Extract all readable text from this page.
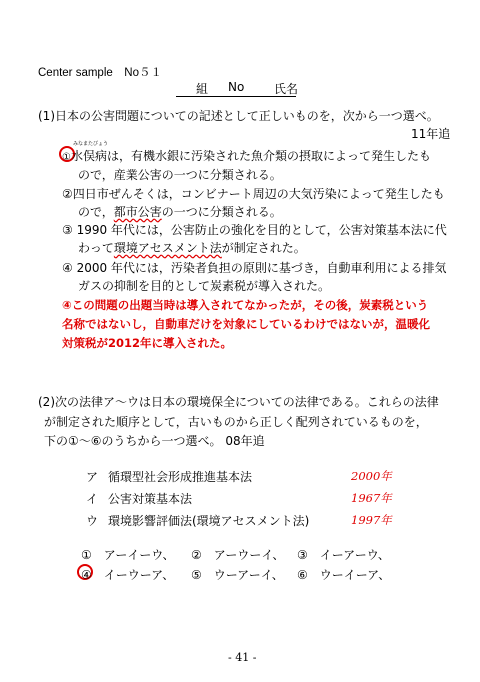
Center sample　No５１
組 No 氏名
(1)日本の公害問題についての記述として正しいものを，次から一つ選べ。
11年追
みなまたびょう
①水俣病は，有機水銀に汚染された魚介類の摂取によって発生したも
ので，産業公害の一つに分類される。
②四日市ぜんそくは，コンビナート周辺の大気汚染によって発生したも
ので，都市公害の一つに分類される。
③ 1990 年代には，公害防止の強化を目的として，公害対策基本法に代
わって環境アセスメント法が制定された。
④ 2000 年代には，汚染者負担の原則に基づき，自動車利用による排気
ガスの抑制を目的として炭素税が導入された。
④この問題の出題当時は導入されてなかったが，その後，炭素税という
名称ではないし，自動車だけを対象にしているわけではないが，温暖化
対策税が2012年に導入された。
(2)次の法律ア～ウは日本の環境保全についての法律である。これらの法律
が制定された順序として，古いものから正しく配列されているものを，
下の①～⑥のうちから一つ選べ。 08年追
ア 循環型社会形成推進基本法	2000年
イ 公害対策基本法	1967年
ウ 環境影響評価法(環境アセスメント法)	1997年
①　アーイーウ、 ②　アーウーイ、 ③　イーアーウ、
④　イーウーア、 ⑤　ウーアーイ、 ⑥　ウーイーア、
- 41 -
